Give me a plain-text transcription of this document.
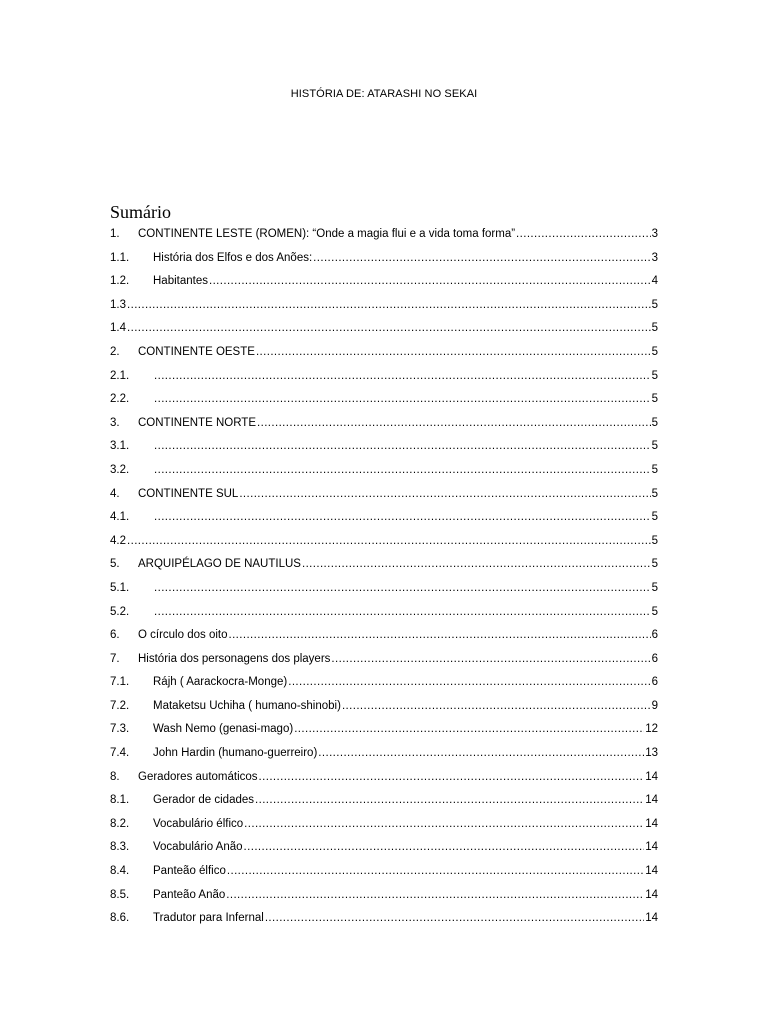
HISTÓRIA DE: ATARASHI NO SEKAI
Sumário
1.	CONTINENTE LESTE (ROMEN): “Onde a magia flui e a vida toma forma” .....	3
1.1.	História dos Elfos e dos Anões: .....	3
1.2.	Habitantes .....	4
1.3 .....	5
1.4 .....	5
2.	CONTINENTE OESTE .....	5
2.1. .....	5
2.2. .....	5
3.	CONTINENTE NORTE .....	5
3.1. .....	5
3.2. .....	5
4.	CONTINENTE SUL .....	5
4.1. .....	5
4.2 .....	5
5.	ARQUIPÉLAGO DE NAUTILUS .....	5
5.1. .....	5
5.2. .....	5
6.	O círculo dos oito .....	6
7.	História dos personagens dos players .....	6
7.1.	Rájh ( Aarackocra-Monge) .....	6
7.2.	Mataketsu Uchiha ( humano-shinobi) .....	9
7.3.	Wash Nemo (genasi-mago) .....	12
7.4.	John Hardin (humano-guerreiro) .....	13
8.	Geradores automáticos .....	14
8.1.	Gerador de cidades .....	14
8.2.	Vocabulário élfico .....	14
8.3.	Vocabulário Anão .....	14
8.4.	Panteão élfico .....	14
8.5.	Panteão Anão .....	14
8.6.	Tradutor para Infernal .....	14
